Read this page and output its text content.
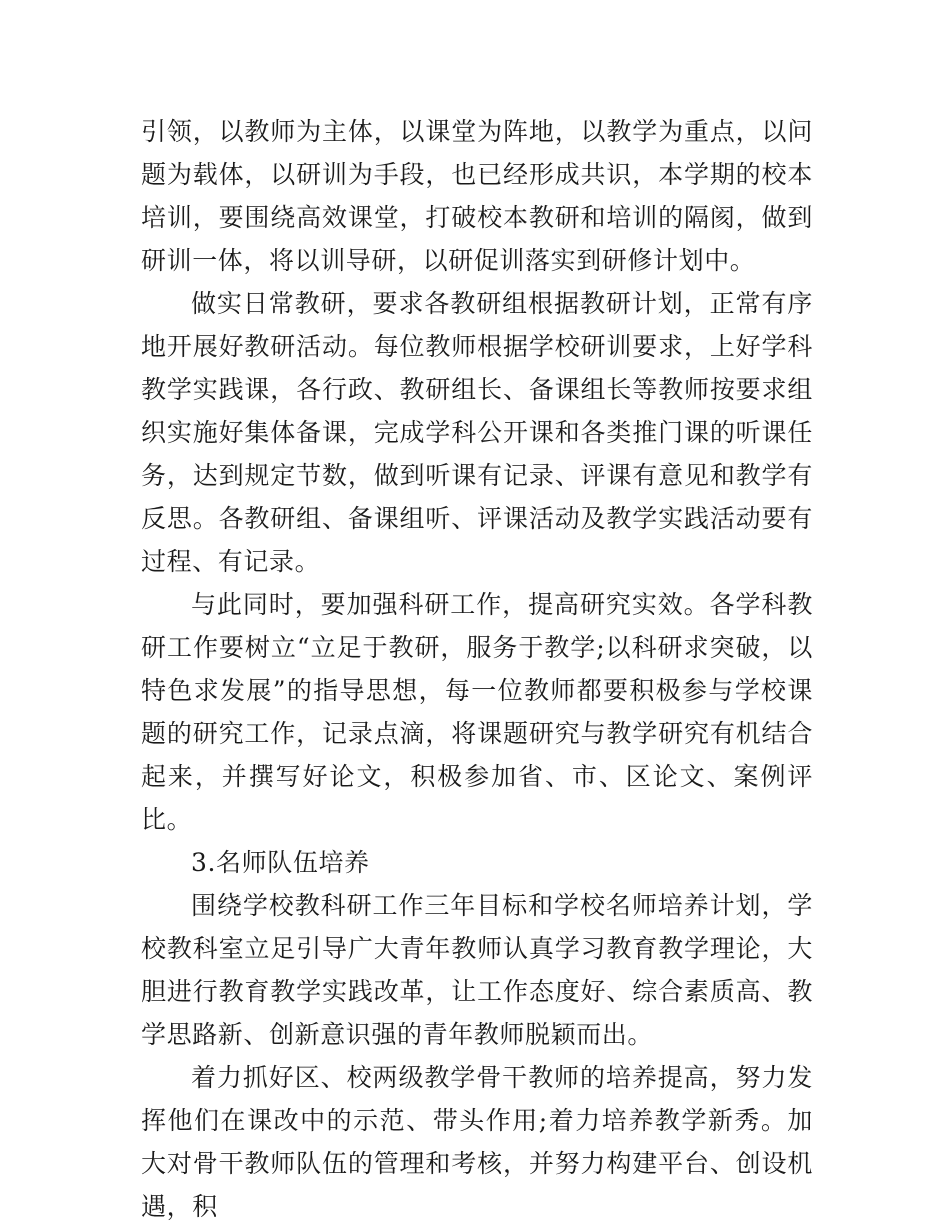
引领，以教师为主体，以课堂为阵地，以教学为重点，以问题为载体，以研训为手段，也已经形成共识，本学期的校本培训，要围绕高效课堂，打破校本教研和培训的隔阂，做到研训一体，将以训导研，以研促训落实到研修计划中。

做实日常教研，要求各教研组根据教研计划，正常有序地开展好教研活动。每位教师根据学校研训要求，上好学科教学实践课，各行政、教研组长、备课组长等教师按要求组织实施好集体备课，完成学科公开课和各类推门课的听课任务，达到规定节数，做到听课有记录、评课有意见和教学有反思。各教研组、备课组听、评课活动及教学实践活动要有过程、有记录。

与此同时，要加强科研工作，提高研究实效。各学科教研工作要树立“立足于教研，服务于教学;以科研求突破，以特色求发展”的指导思想，每一位教师都要积极参与学校课题的研究工作，记录点滴，将课题研究与教学研究有机结合起来，并撰写好论文，积极参加省、市、区论文、案例评比。

3.名师队伍培养

围绕学校教科研工作三年目标和学校名师培养计划，学校教科室立足引导广大青年教师认真学习教育教学理论，大胆进行教育教学实践改革，让工作态度好、综合素质高、教学思路新、创新意识强的青年教师脱颖而出。

着力抓好区、校两级教学骨干教师的培养提高，努力发挥他们在课改中的示范、带头作用;着力培养教学新秀。加大对骨干教师队伍的管理和考核，并努力构建平台、创设机遇，积
